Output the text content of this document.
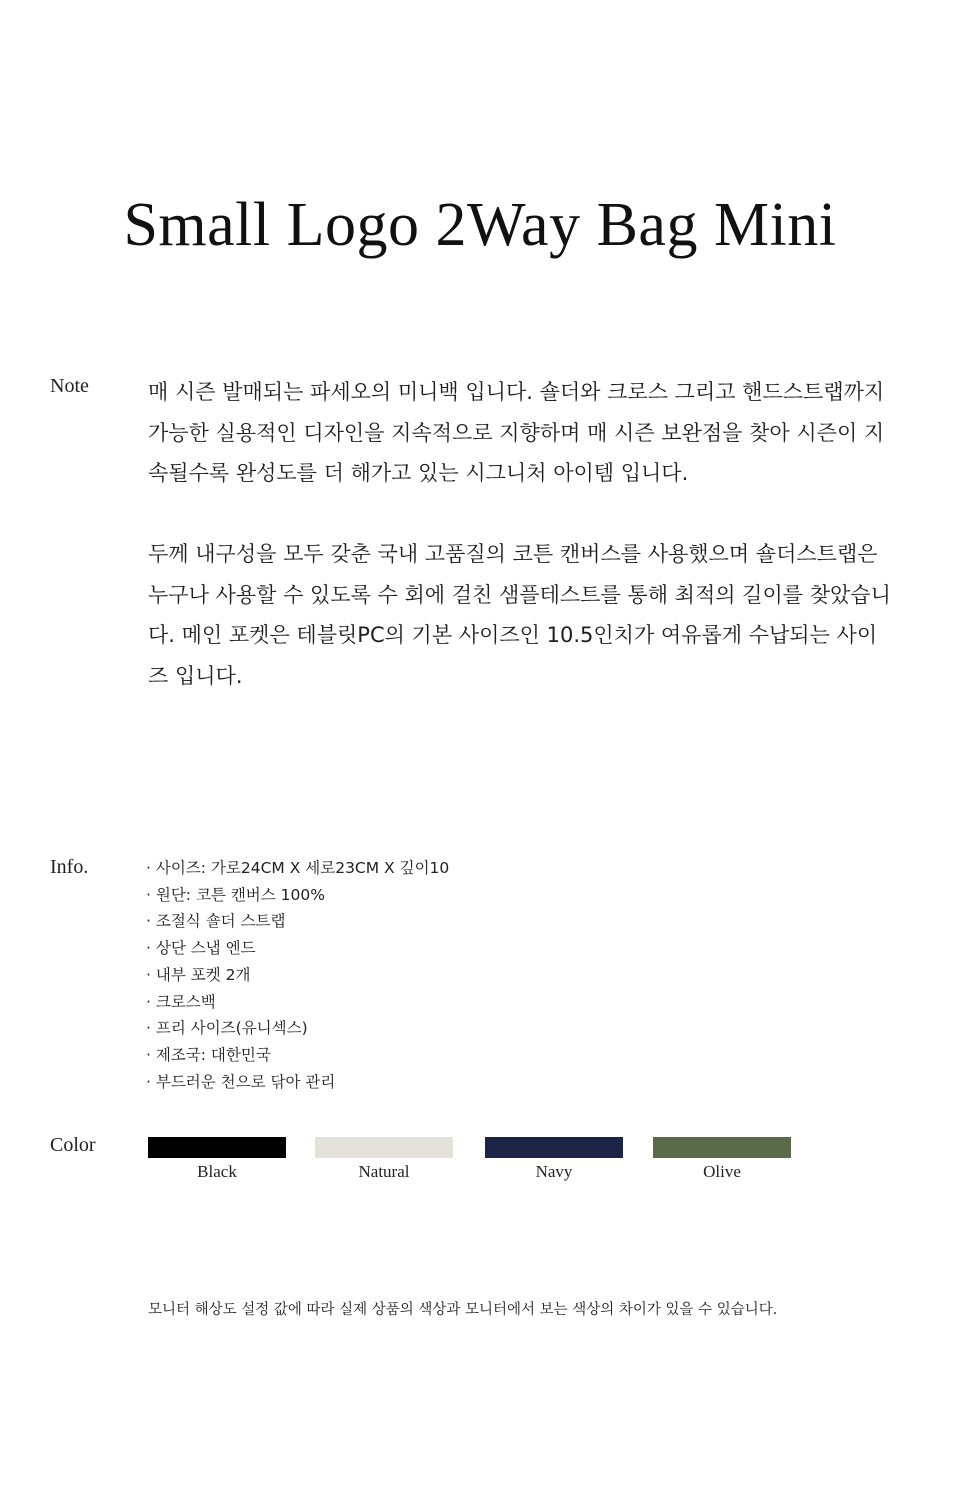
Small Logo 2Way Bag Mini
Note	매 시즌 발매되는 파세오의 미니백 입니다. 숄더와 크로스 그리고 핸드스트랩까지 가능한 실용적인 디자인을 지속적으로 지향하며 매 시즌 보완점을 찾아 시즌이 지속될수록 완성도를 더 해가고 있는 시그니처 아이템 입니다.

두께 내구성을 모두 갖춘 국내 고품질의 코튼 캔버스를 사용했으며 숄더스트랩은 누구나 사용할 수 있도록 수 회에 걸친 샘플테스트를 통해 최적의 길이를 찾았습니다. 메인 포켓은 테블릿PC의 기본 사이즈인 10.5인치가 여유롭게 수납되는 사이즈 입니다.

Info.	· 사이즈: 가로24CM X 세로23CM X 깊이10
· 원단: 코튼 캔버스 100%
· 조절식 숄더 스트랩
· 상단 스냅 엔드
· 내부 포켓 2개
· 크로스백
· 프리 사이즈(유니섹스)
· 제조국: 대한민국
· 부드러운 천으로 닦아 관리
Color
Black	Natural	Navy	Olive
모니터 해상도 설정 값에 따라 실제 상품의 색상과 모니터에서 보는 색상의 차이가 있을 수 있습니다.
